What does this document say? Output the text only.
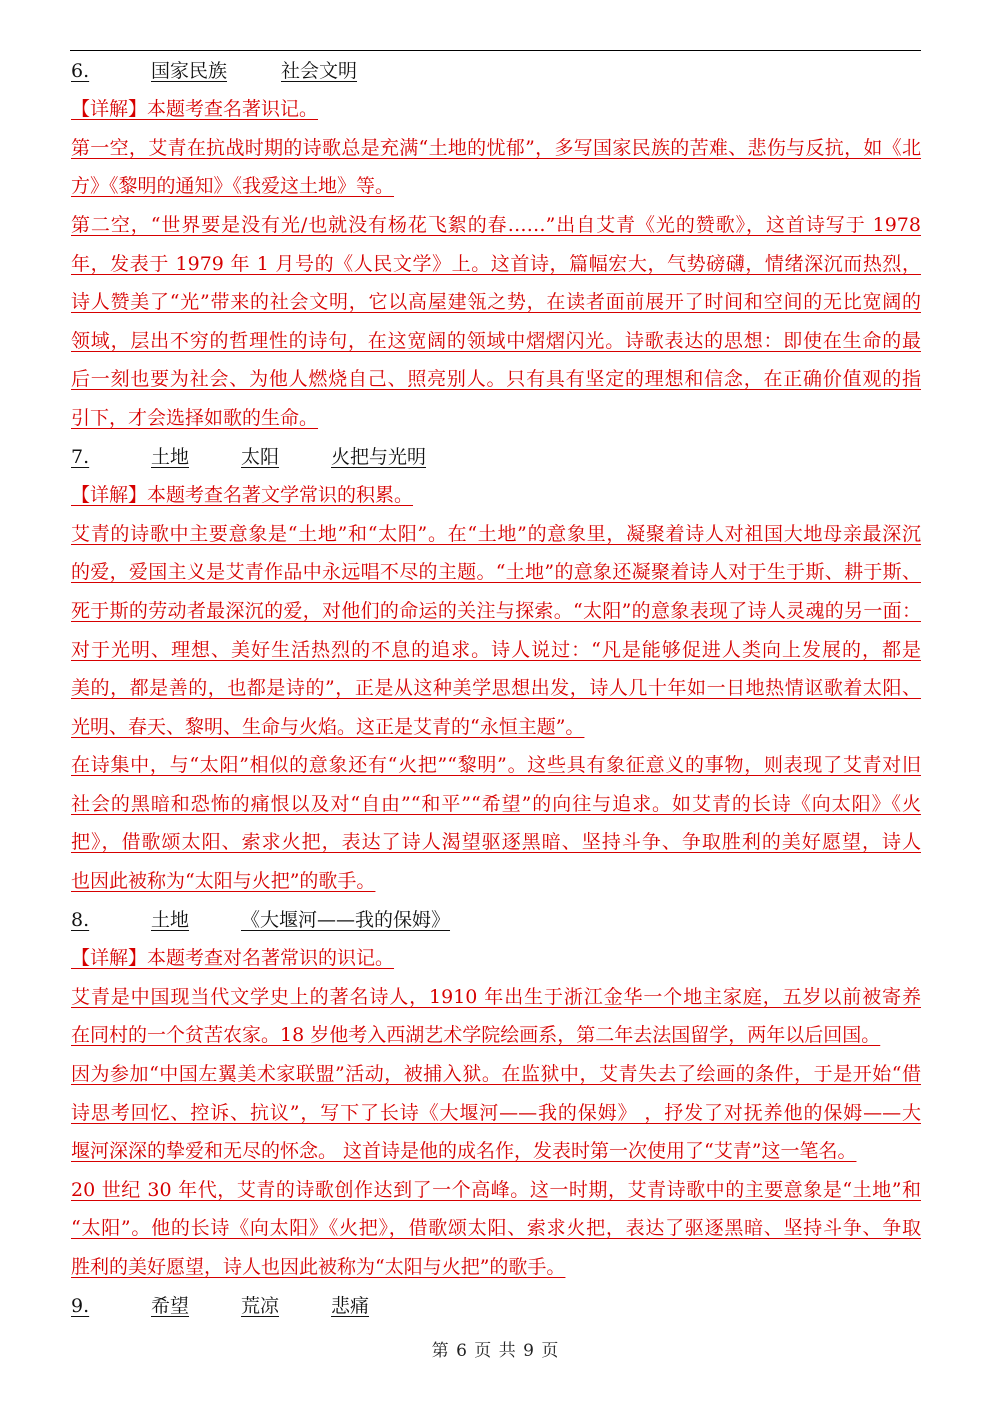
6.	国家民族	社会文明
【详解】本题考查名著识记。
第一空，艾青在抗战时期的诗歌总是充满“土地的忧郁”，多写国家民族的苦难、悲伤与反抗，如《北
方》《黎明的通知》《我爱这土地》等。
第二空，“世界要是没有光/也就没有杨花飞絮的春……”出自艾青《光的赞歌》，这首诗写于 1978
年，发表于 1979 年 1 月号的《人民文学》上。这首诗，篇幅宏大，气势磅礴，情绪深沉而热烈，
诗人赞美了“光”带来的社会文明，它以高屋建瓴之势，在读者面前展开了时间和空间的无比宽阔的
领域，层出不穷的哲理性的诗句，在这宽阔的领域中熠熠闪光。诗歌表达的思想：即使在生命的最
后一刻也要为社会、为他人燃烧自己、照亮别人。只有具有坚定的理想和信念，在正确价值观的指
引下，才会选择如歌的生命。
7.	土地	太阳	火把与光明
【详解】本题考查名著文学常识的积累。
艾青的诗歌中主要意象是“土地”和“太阳”。在“土地”的意象里，凝聚着诗人对祖国大地母亲最深沉
的爱，爱国主义是艾青作品中永远唱不尽的主题。“土地”的意象还凝聚着诗人对于生于斯、耕于斯、
死于斯的劳动者最深沉的爱，对他们的命运的关注与探索。“太阳”的意象表现了诗人灵魂的另一面：
对于光明、理想、美好生活热烈的不息的追求。诗人说过：“凡是能够促进人类向上发展的，都是
美的，都是善的，也都是诗的”，正是从这种美学思想出发，诗人几十年如一日地热情讴歌着太阳、
光明、春天、黎明、生命与火焰。这正是艾青的“永恒主题”。
在诗集中，与“太阳”相似的意象还有“火把”“黎明”。这些具有象征意义的事物，则表现了艾青对旧
社会的黑暗和恐怖的痛恨以及对“自由”“和平”“希望”的向往与追求。如艾青的长诗《向太阳》《火
把》，借歌颂太阳、索求火把，表达了诗人渴望驱逐黑暗、坚持斗争、争取胜利的美好愿望，诗人
也因此被称为“太阳与火把”的歌手。
8.	土地	《大堰河——我的保姆》
【详解】本题考查对名著常识的识记。
艾青是中国现当代文学史上的著名诗人，1910 年出生于浙江金华一个地主家庭，五岁以前被寄养
在同村的一个贫苦农家。18 岁他考入西湖艺术学院绘画系，第二年去法国留学，两年以后回国。
因为参加“中国左翼美术家联盟”活动，被捕入狱。在监狱中，艾青失去了绘画的条件，于是开始“借
诗思考回忆、控诉、抗议”，写下了长诗《大堰河——我的保姆》 ，抒发了对抚养他的保姆——大
堰河深深的挚爱和无尽的怀念。 这首诗是他的成名作，发表时第一次使用了“艾青”这一笔名。
20 世纪 30 年代，艾青的诗歌创作达到了一个高峰。这一时期，艾青诗歌中的主要意象是“土地”和
“太阳”。他的长诗《向太阳》《火把》，借歌颂太阳、索求火把，表达了驱逐黑暗、坚持斗争、争取
胜利的美好愿望，诗人也因此被称为“太阳与火把”的歌手。
9.	希望	荒凉	悲痛
第 6 页 共 9 页
